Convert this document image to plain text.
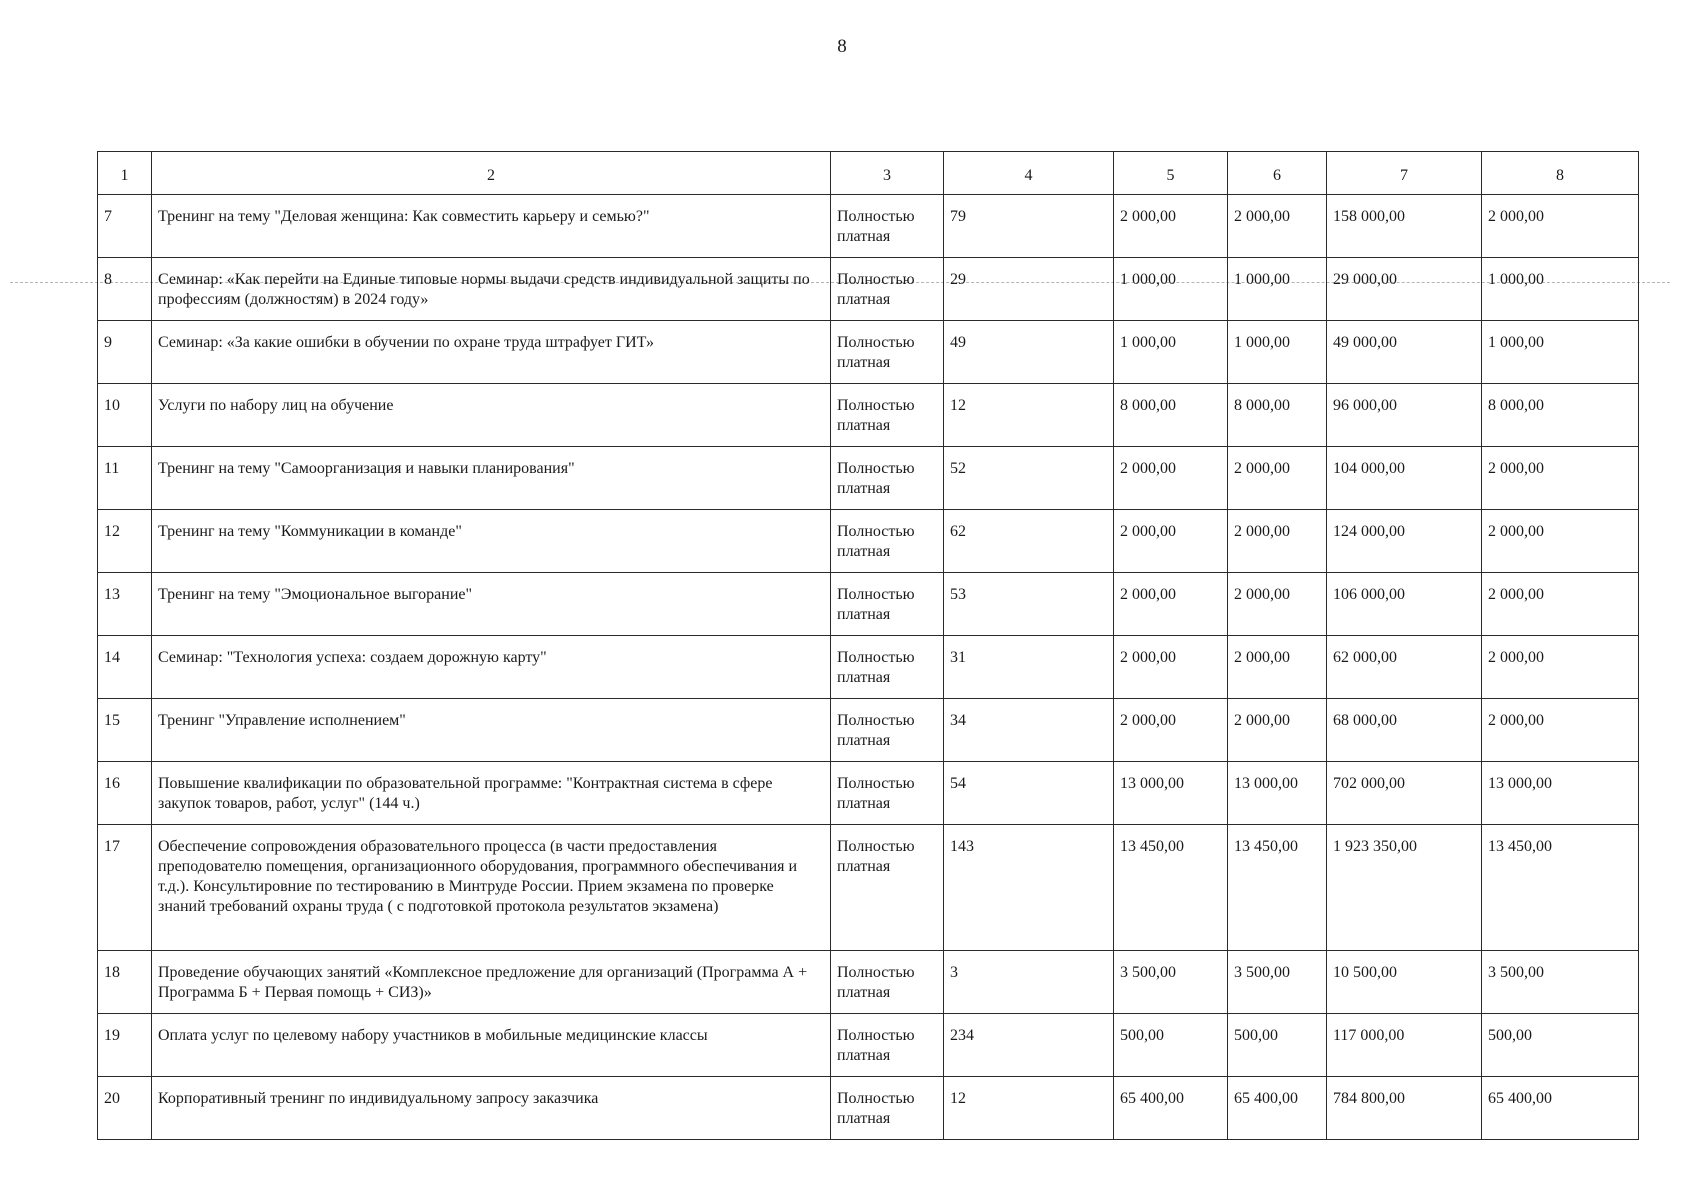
8
1	2	3	4	5	6	7	8
7	Тренинг на тему "Деловая женщина: Как совместить карьеру и семью?"	Полностью платная	79	2 000,00	2 000,00	158 000,00	2 000,00
8	Семинар: «Как перейти на Единые типовые нормы выдачи средств индивидуальной защиты по профессиям (должностям) в 2024 году»	Полностью платная	29	1 000,00	1 000,00	29 000,00	1 000,00
9	Семинар: «За какие ошибки в обучении по охране труда штрафует ГИТ»	Полностью платная	49	1 000,00	1 000,00	49 000,00	1 000,00
10	Услуги по набору лиц на обучение	Полностью платная	12	8 000,00	8 000,00	96 000,00	8 000,00
11	Тренинг на тему "Самоорганизация и навыки планирования"	Полностью платная	52	2 000,00	2 000,00	104 000,00	2 000,00
12	Тренинг на тему "Коммуникации в команде"	Полностью платная	62	2 000,00	2 000,00	124 000,00	2 000,00
13	Тренинг на тему "Эмоциональное выгорание"	Полностью платная	53	2 000,00	2 000,00	106 000,00	2 000,00
14	Семинар: "Технология успеха: создаем дорожную карту"	Полностью платная	31	2 000,00	2 000,00	62 000,00	2 000,00
15	Тренинг "Управление исполнением"	Полностью платная	34	2 000,00	2 000,00	68 000,00	2 000,00
16	Повышение квалификации по образовательной программе: "Контрактная система в сфере закупок товаров, работ, услуг" (144 ч.)	Полностью платная	54	13 000,00	13 000,00	702 000,00	13 000,00
17	Обеспечение сопровождения образовательного процесса (в части предоставления преподователю помещения, организационного оборудования, программного обеспечивания и т.д.). Консультировние по тестированию в Минтруде России. Прием экзамена по проверке знаний требований охраны труда ( с подготовкой протокола результатов экзамена)	Полностью платная	143	13 450,00	13 450,00	1 923 350,00	13 450,00
18	Проведение обучающих занятий «Комплексное предложение для организаций (Программа А + Программа Б + Первая помощь + СИЗ)»	Полностью платная	3	3 500,00	3 500,00	10 500,00	3 500,00
19	Оплата услуг по целевому набору участников в мобильные медицинские классы	Полностью платная	234	500,00	500,00	117 000,00	500,00
20	Корпоративный тренинг по индивидуальному запросу заказчика	Полностью платная	12	65 400,00	65 400,00	784 800,00	65 400,00
